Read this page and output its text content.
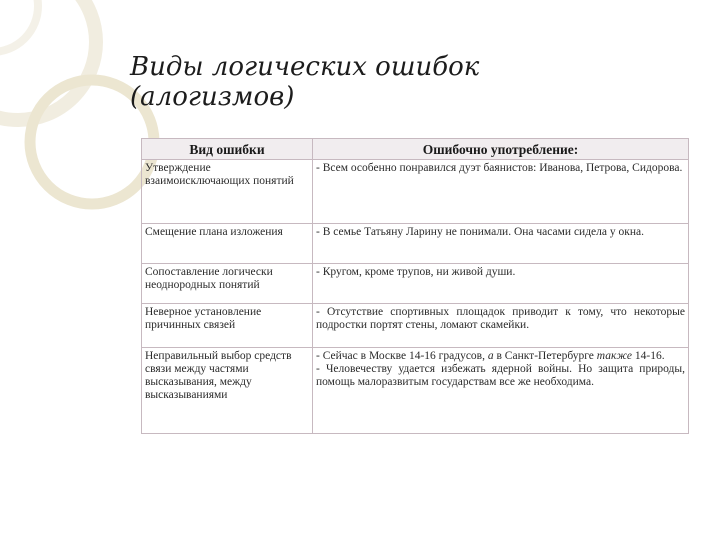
Виды логических ошибок
(алогизмов)
Вид ошибки	Ошибочно употребление:
Утверждение взаимоисключающих понятий	- Всем особенно понравился дуэт баянистов: Иванова, Петрова, Сидорова.

Смещение плана изложения	- В семье Татьяну Ларину не понимали. Она часами сидела у окна.

Сопоставление логически неоднородных понятий	- Кругом, кроме трупов, ни живой души.

Неверное установление причинных связей	- Отсутствие спортивных площадок приводит к тому, что некоторые подростки портят стены, ломают скамейки.

Неправильный выбор средств связи между частями высказывания, между высказываниями	- Сейчас в Москве 14-16 градусов, а в Санкт-Петербурге также 14-16.
- Человечеству удается избежать ядерной войны. Но защита природы, помощь малоразвитым государствам все же необходима.
